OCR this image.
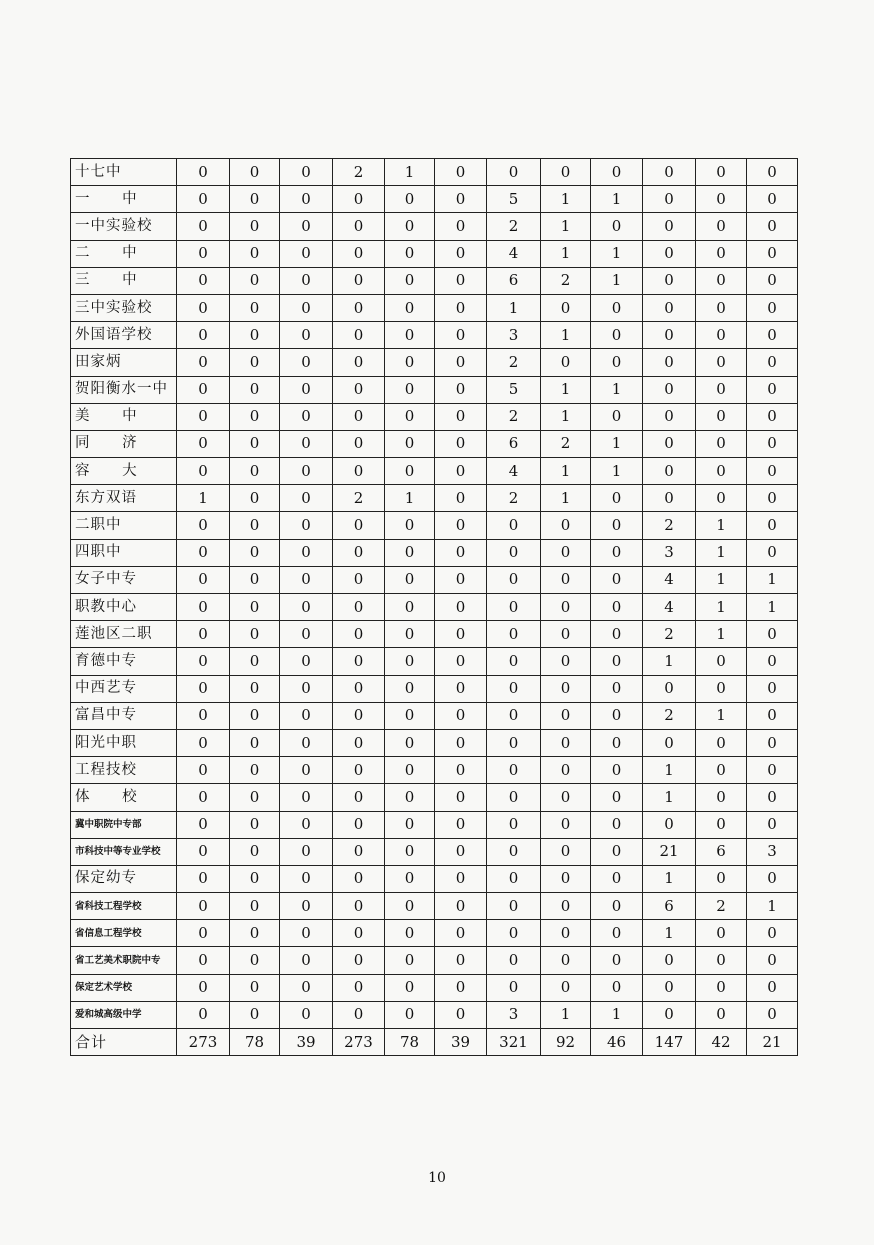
十七中	0	0	0	2	1	0	0	0	0	0	0	0
一 中	0	0	0	0	0	0	5	1	1	0	0	0
一中实验校	0	0	0	0	0	0	2	1	0	0	0	0
二 中	0	0	0	0	0	0	4	1	1	0	0	0
三 中	0	0	0	0	0	0	6	2	1	0	0	0
三中实验校	0	0	0	0	0	0	1	0	0	0	0	0
外国语学校	0	0	0	0	0	0	3	1	0	0	0	0
田家炳	0	0	0	0	0	0	2	0	0	0	0	0
贺阳衡水一中	0	0	0	0	0	0	5	1	1	0	0	0
美 中	0	0	0	0	0	0	2	1	0	0	0	0
同 济	0	0	0	0	0	0	6	2	1	0	0	0
容 大	0	0	0	0	0	0	4	1	1	0	0	0
东方双语	1	0	0	2	1	0	2	1	0	0	0	0
二职中	0	0	0	0	0	0	0	0	0	2	1	0
四职中	0	0	0	0	0	0	0	0	0	3	1	0
女子中专	0	0	0	0	0	0	0	0	0	4	1	1
职教中心	0	0	0	0	0	0	0	0	0	4	1	1
莲池区二职	0	0	0	0	0	0	0	0	0	2	1	0
育德中专	0	0	0	0	0	0	0	0	0	1	0	0
中西艺专	0	0	0	0	0	0	0	0	0	0	0	0
富昌中专	0	0	0	0	0	0	0	0	0	2	1	0
阳光中职	0	0	0	0	0	0	0	0	0	0	0	0
工程技校	0	0	0	0	0	0	0	0	0	1	0	0
体 校	0	0	0	0	0	0	0	0	0	1	0	0
冀中职院中专部	0	0	0	0	0	0	0	0	0	0	0	0
市科技中等专业学校	0	0	0	0	0	0	0	0	0	21	6	3
保定幼专	0	0	0	0	0	0	0	0	0	1	0	0
省科技工程学校	0	0	0	0	0	0	0	0	0	6	2	1
省信息工程学校	0	0	0	0	0	0	0	0	0	1	0	0
省工艺美术职院中专	0	0	0	0	0	0	0	0	0	0	0	0
保定艺术学校	0	0	0	0	0	0	0	0	0	0	0	0
爱和城高级中学	0	0	0	0	0	0	3	1	1	0	0	0
合计	273	78	39	273	78	39	321	92	46	147	42	21
10
